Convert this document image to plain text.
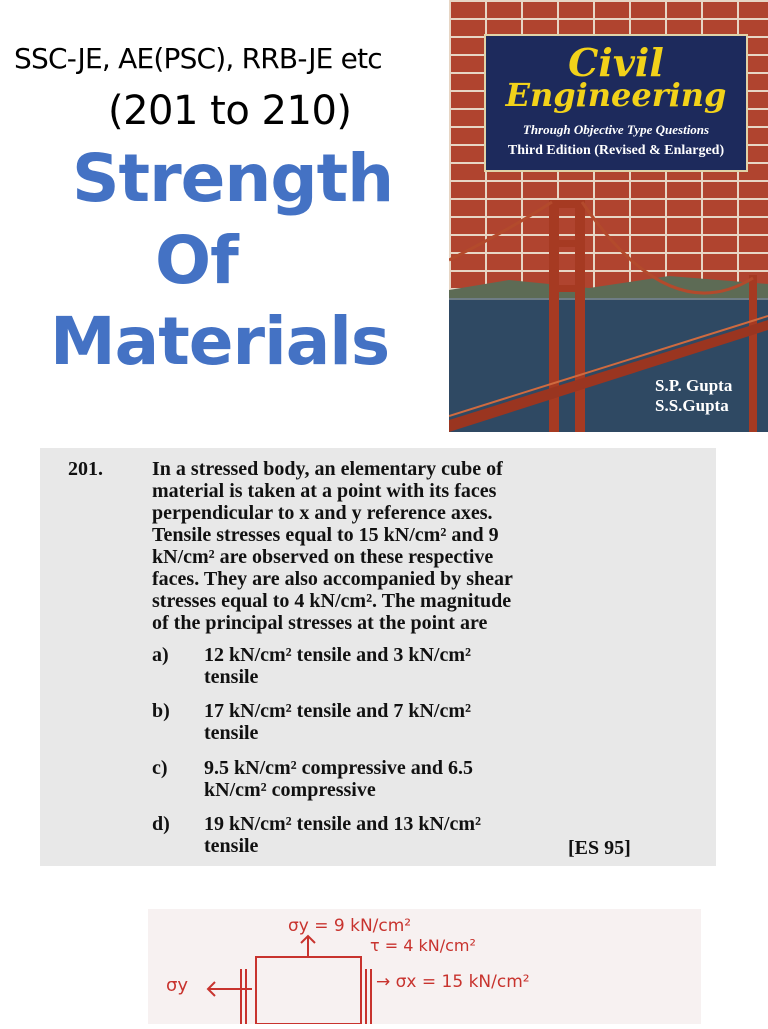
SSC-JE, AE(PSC), RRB-JE etc
(201 to 210)
Strength
Of
Materials
Civil
Engineering
Through Objective Type Questions
Third Edition (Revised & Enlarged)
S.P. Gupta
S.S.Gupta
201. In a stressed body, an elementary cube of
material is taken at a point with its faces
perpendicular to x and y reference axes.
Tensile stresses equal to 15 kN/cm² and 9
kN/cm² are observed on these respective
faces. They are also accompanied by shear
stresses equal to 4 kN/cm². The magnitude
of the principal stresses at the point are
a) 12 kN/cm² tensile and 3 kN/cm²
tensile
b) 17 kN/cm² tensile and 7 kN/cm²
tensile
c) 9.5 kN/cm² compressive and 6.5
kN/cm² compressive
d) 19 kN/cm² tensile and 13 kN/cm²
tensile	[ES 95]
σy = 9 kN/cm²
τ = 4 kN/cm²
σy	→ σx = 15 kN/cm²
